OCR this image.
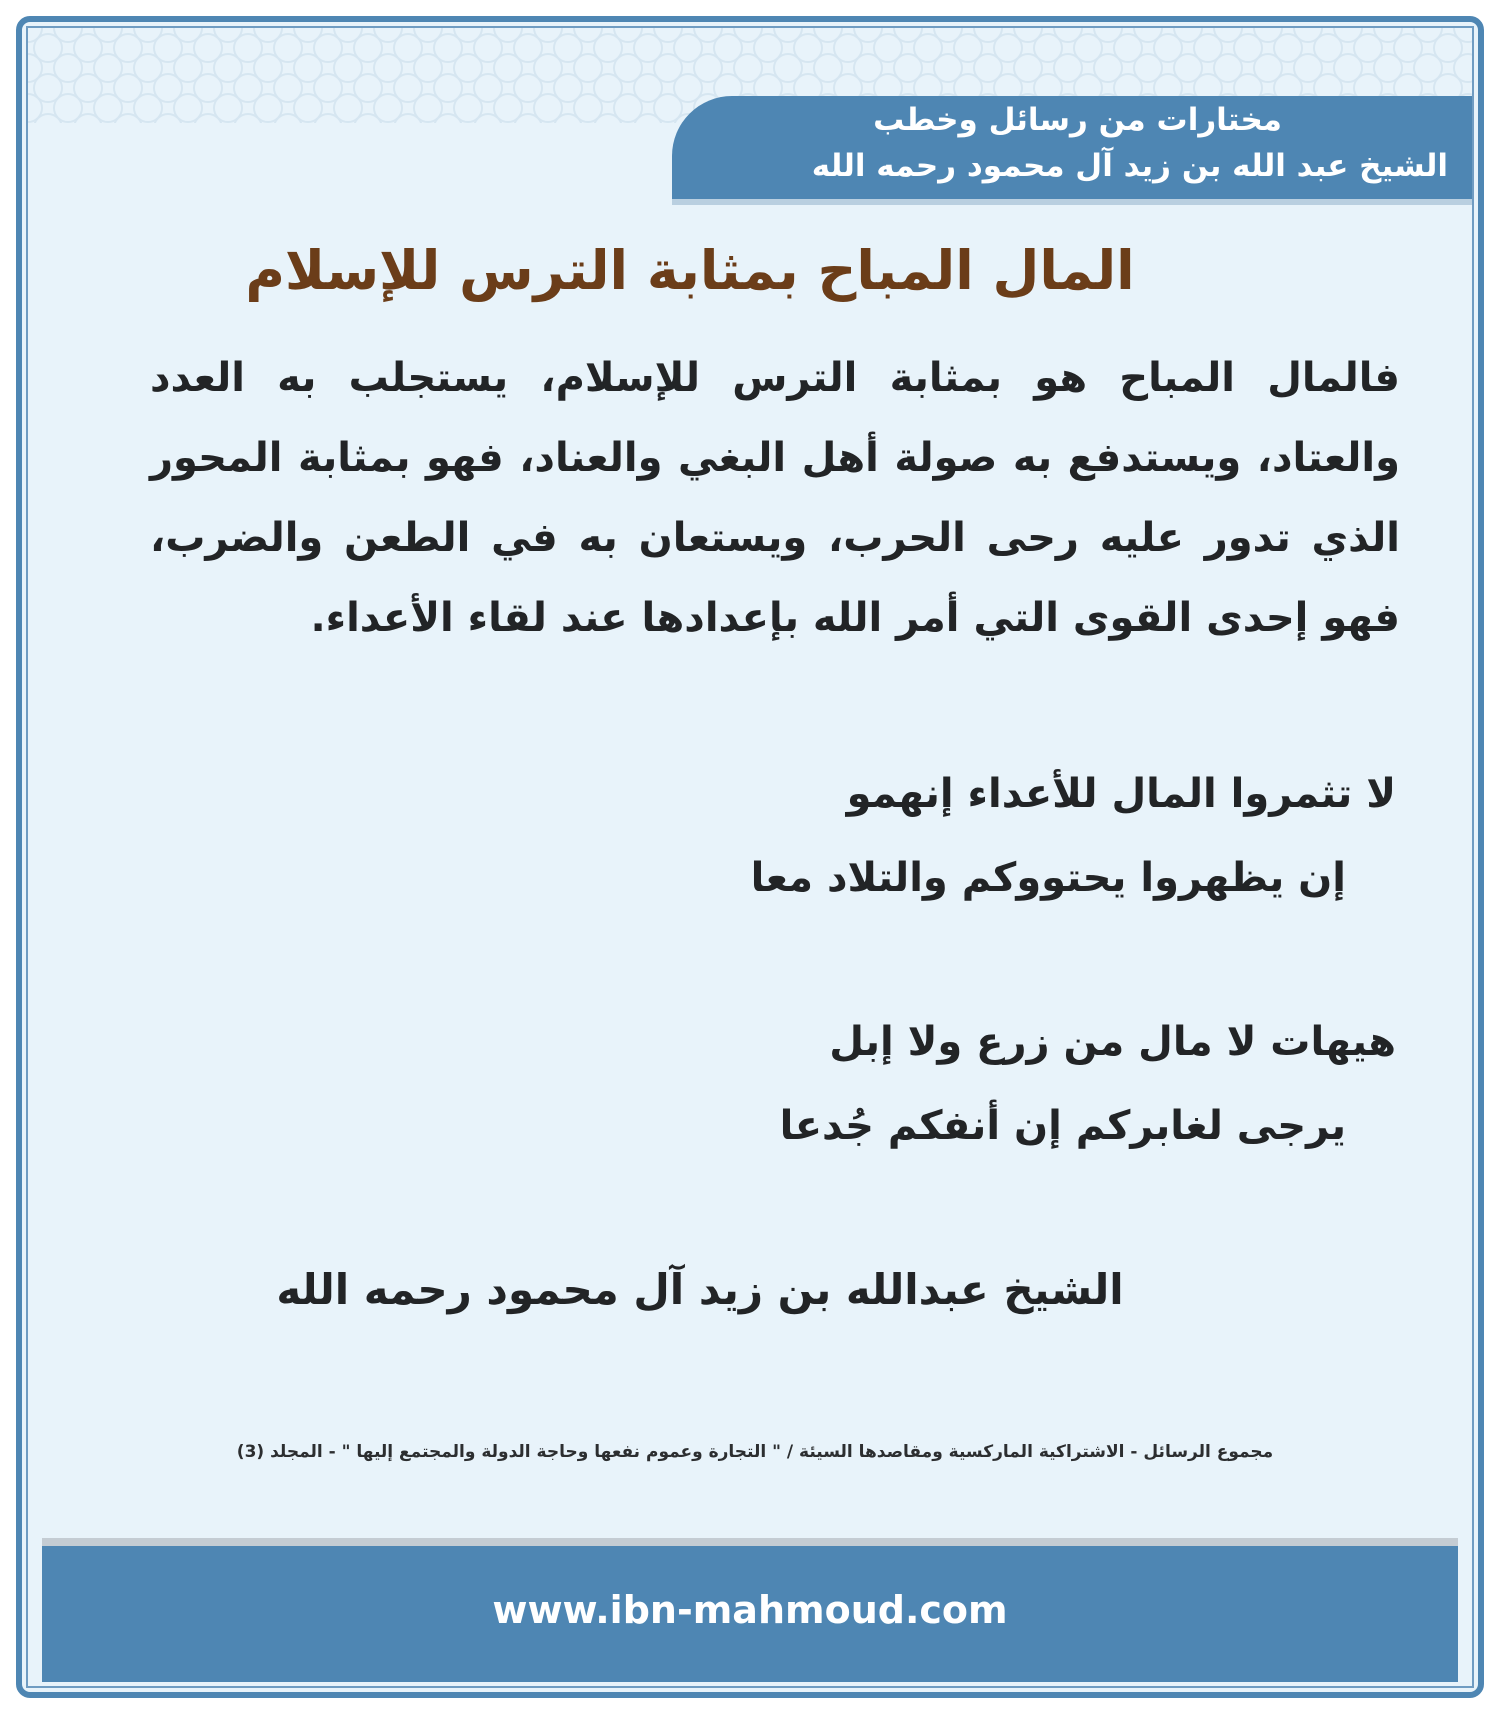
مختارات من رسائل وخطب
الشيخ عبد الله بن زيد آل محمود رحمه الله
المال المباح بمثابة الترس للإسلام
فالمال المباح هو بمثابة الترس للإسلام، يستجلب به العدد والعتاد، ويستدفع به صولة أهل البغي والعناد، فهو بمثابة المحور الذي تدور عليه رحى الحرب، ويستعان به في الطعن والضرب، فهو إحدى القوى التي أمر الله بإعدادها عند لقاء الأعداء.
لا تثمروا المال للأعداء إنهمو
إن يظهروا يحتووكم والتلاد معا
هيهات لا مال من زرع ولا إبل
يرجى لغابركم إن أنفكم جُدعا
الشيخ عبدالله بن زيد آل محمود رحمه الله
مجموع الرسائل - الاشتراكية الماركسية ومقاصدها السيئة / " التجارة وعموم نفعها وحاجة الدولة والمجتمع إليها " - المجلد (3)
www.ibn-mahmoud.com
